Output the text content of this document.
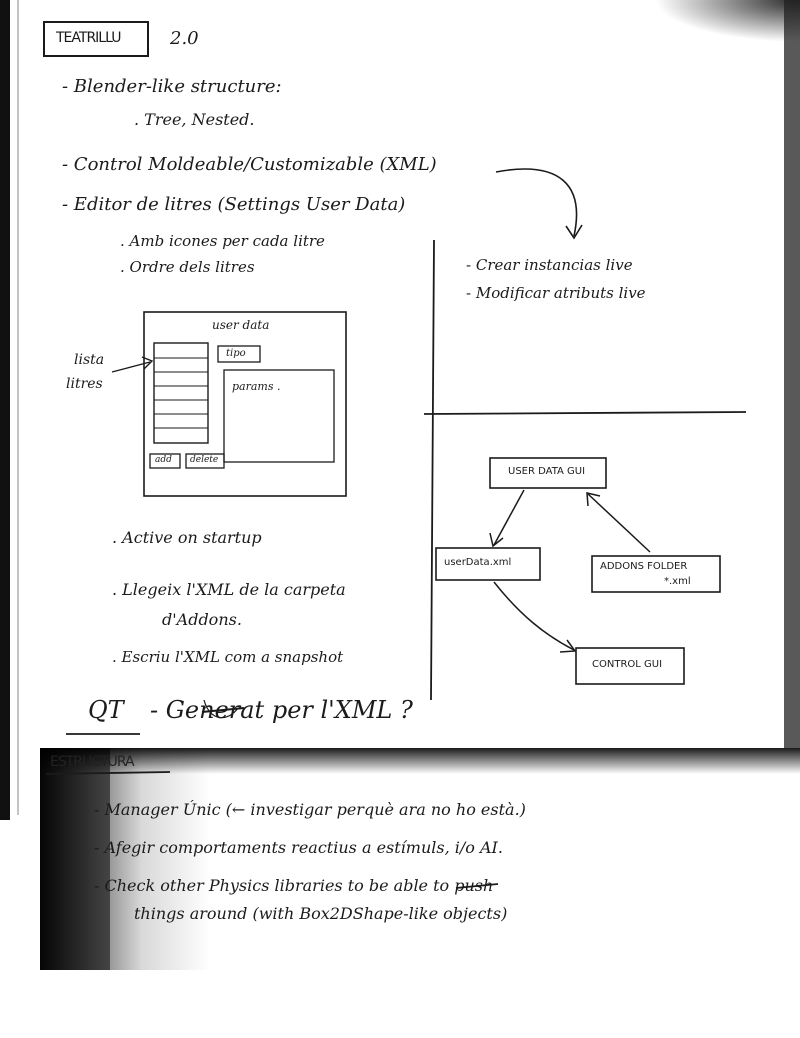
TEATRILLU	2.0
- Blender-like structure:
. Tree, Nested.
- Control Moldeable/Customizable (XML)
- Editor de litres (Settings User Data)
. Amb icones per cada litre
. Ordre dels litres	- Crear instancias live
- Modificar atributs live
user data
tipo
params .
add delete
lista
litres
. Active on startup
. Llegeix l'XML de la carpeta
d'Addons.
. Escriu l'XML com a snapshot
USER DATA GUI
userData.xml	ADDONS FOLDER
*.xml
CONTROL GUI
QT - Generat per l'XML ?
ESTRUCTURA
- Manager Únic (← investigar perquè ara no ho està.)
- Afegir comportaments reactius a estímuls, i/o AI.
- Check other Physics libraries to be able to push
things around (with Box2DShape-like objects)
